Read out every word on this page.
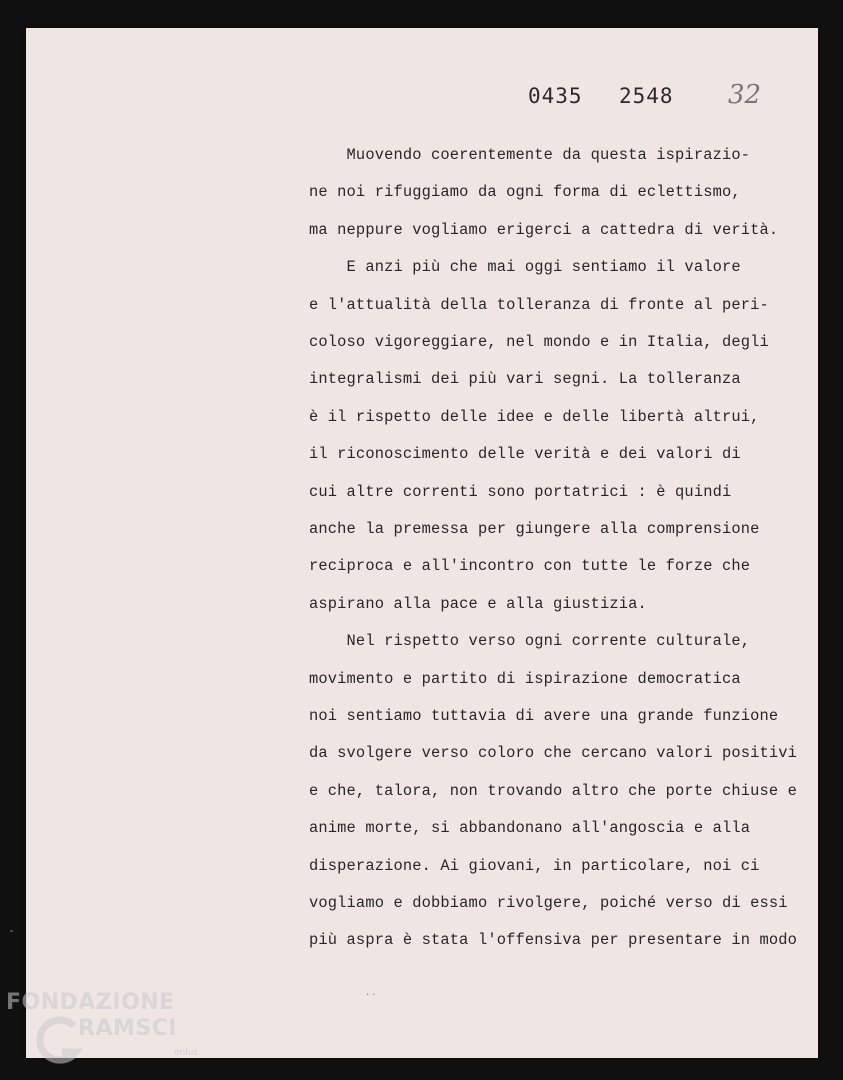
0435 2548 32
Muovendo coerentemente da questa ispirazio-
ne noi rifuggiamo da ogni forma di eclettismo,
ma neppure vogliamo erigerci a cattedra di verità.
E anzi più che mai oggi sentiamo il valore
e l'attualità della tolleranza di fronte al peri-
coloso vigoreggiare, nel mondo e in Italia, degli
integralismi dei più vari segni. La tolleranza
è il rispetto delle idee e delle libertà altrui,
il riconoscimento delle verità e dei valori di
cui altre correnti sono portatrici : è quindi
anche la premessa per giungere alla comprensione
reciproca e all'incontro con tutte le forze che
aspirano alla pace e alla giustizia.
Nel rispetto verso ogni corrente culturale,
movimento e partito di ispirazione democratica
noi sentiamo tuttavia di avere una grande funzione
da svolgere verso coloro che cercano valori positivi
e che, talora, non trovando altro che porte chiuse e
anime morte, si abbandonano all'angoscia e alla
disperazione. Ai giovani, in particolare, noi ci
vogliamo e dobbiamo rivolgere, poiché verso di essi
più aspra è stata l'offensiva per presentare in modo
· ·
FONDAZIONE
RAMSCI
onlus
